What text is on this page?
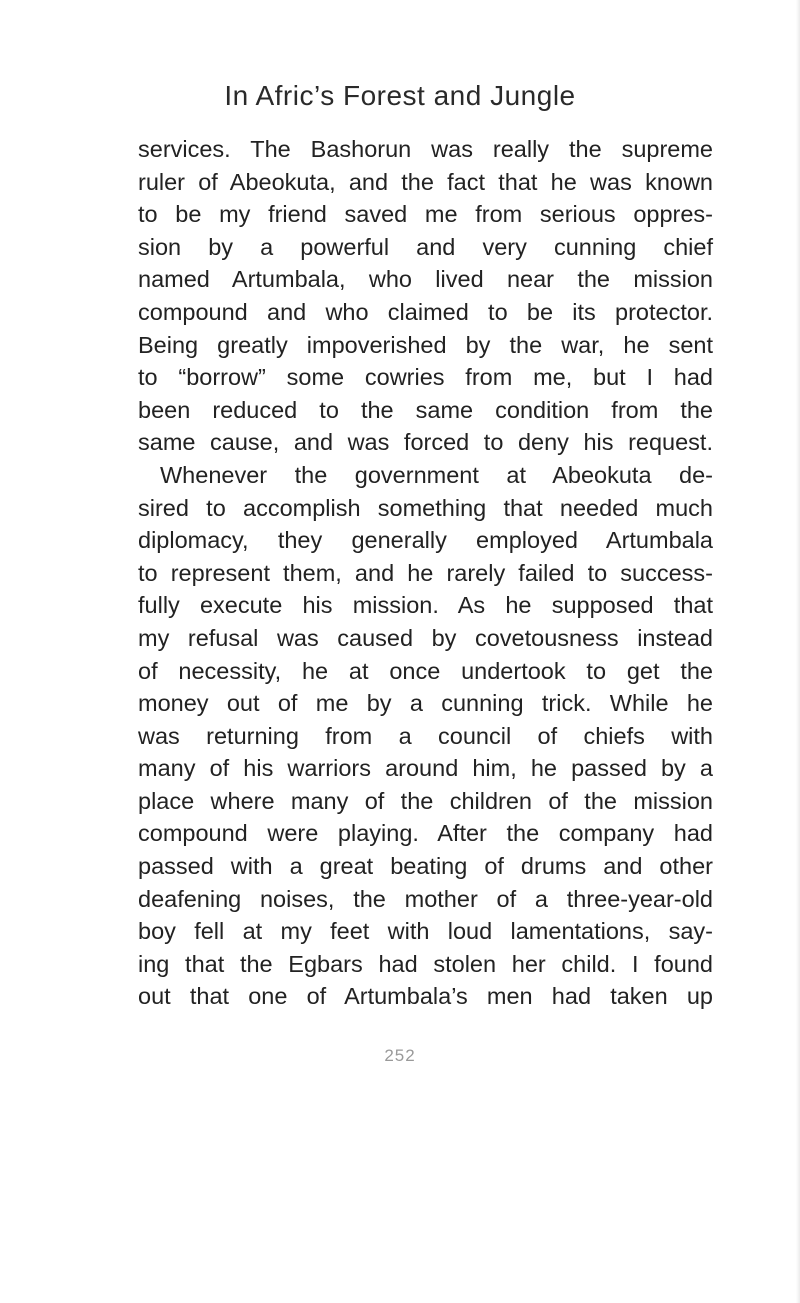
In Afric’s Forest and Jungle
services. The Bashorun was really the supreme
ruler of Abeokuta, and the fact that he was known
to be my friend saved me from serious oppres-
sion by a powerful and very cunning chief
named Artumbala, who lived near the mission
compound and who claimed to be its protector.
Being greatly impoverished by the war, he sent
to “borrow” some cowries from me, but I had
been reduced to the same condition from the
same cause, and was forced to deny his request.
Whenever the government at Abeokuta de-
sired to accomplish something that needed much
diplomacy, they generally employed Artumbala
to represent them, and he rarely failed to success-
fully execute his mission. As he supposed that
my refusal was caused by covetousness instead
of necessity, he at once undertook to get the
money out of me by a cunning trick. While he
was returning from a council of chiefs with
many of his warriors around him, he passed by a
place where many of the children of the mission
compound were playing. After the company had
passed with a great beating of drums and other
deafening noises, the mother of a three-year-old
boy fell at my feet with loud lamentations, say-
ing that the Egbars had stolen her child. I found
out that one of Artumbala’s men had taken up
252
